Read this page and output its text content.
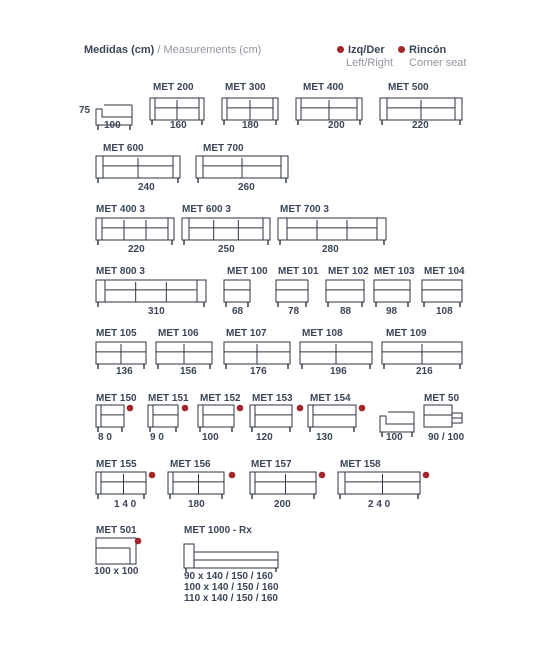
Medidas (cm) / Measurements (cm)	Izq/Der
Left/Right
Rincón
Corner seat
100
75
MET 200
160
MET 300
180
MET 400
200
MET 500
220
MET 600
240
MET 700
260
MET 400 3
220
MET 600 3
250
MET 700 3
280
MET 800 3
310
MET 100
68
MET 101
78
MET 102
88
MET 103
98
MET 104
108
MET 105
136
MET 106
156
MET 107
176
MET 108
196
MET 109
216
MET 150
8 0
MET 151
9 0
MET 152
100
MET 153
120
MET 154
130	100
MET 50
90 / 100
MET 155
1 4 0
MET 156
180
MET 157
200
MET 158
2 4 0
MET 501
100 x 100
MET 1000 - Rx
90 x 140 / 150 / 160
100 x 140 / 150 / 160
110 x 140 / 150 / 160
